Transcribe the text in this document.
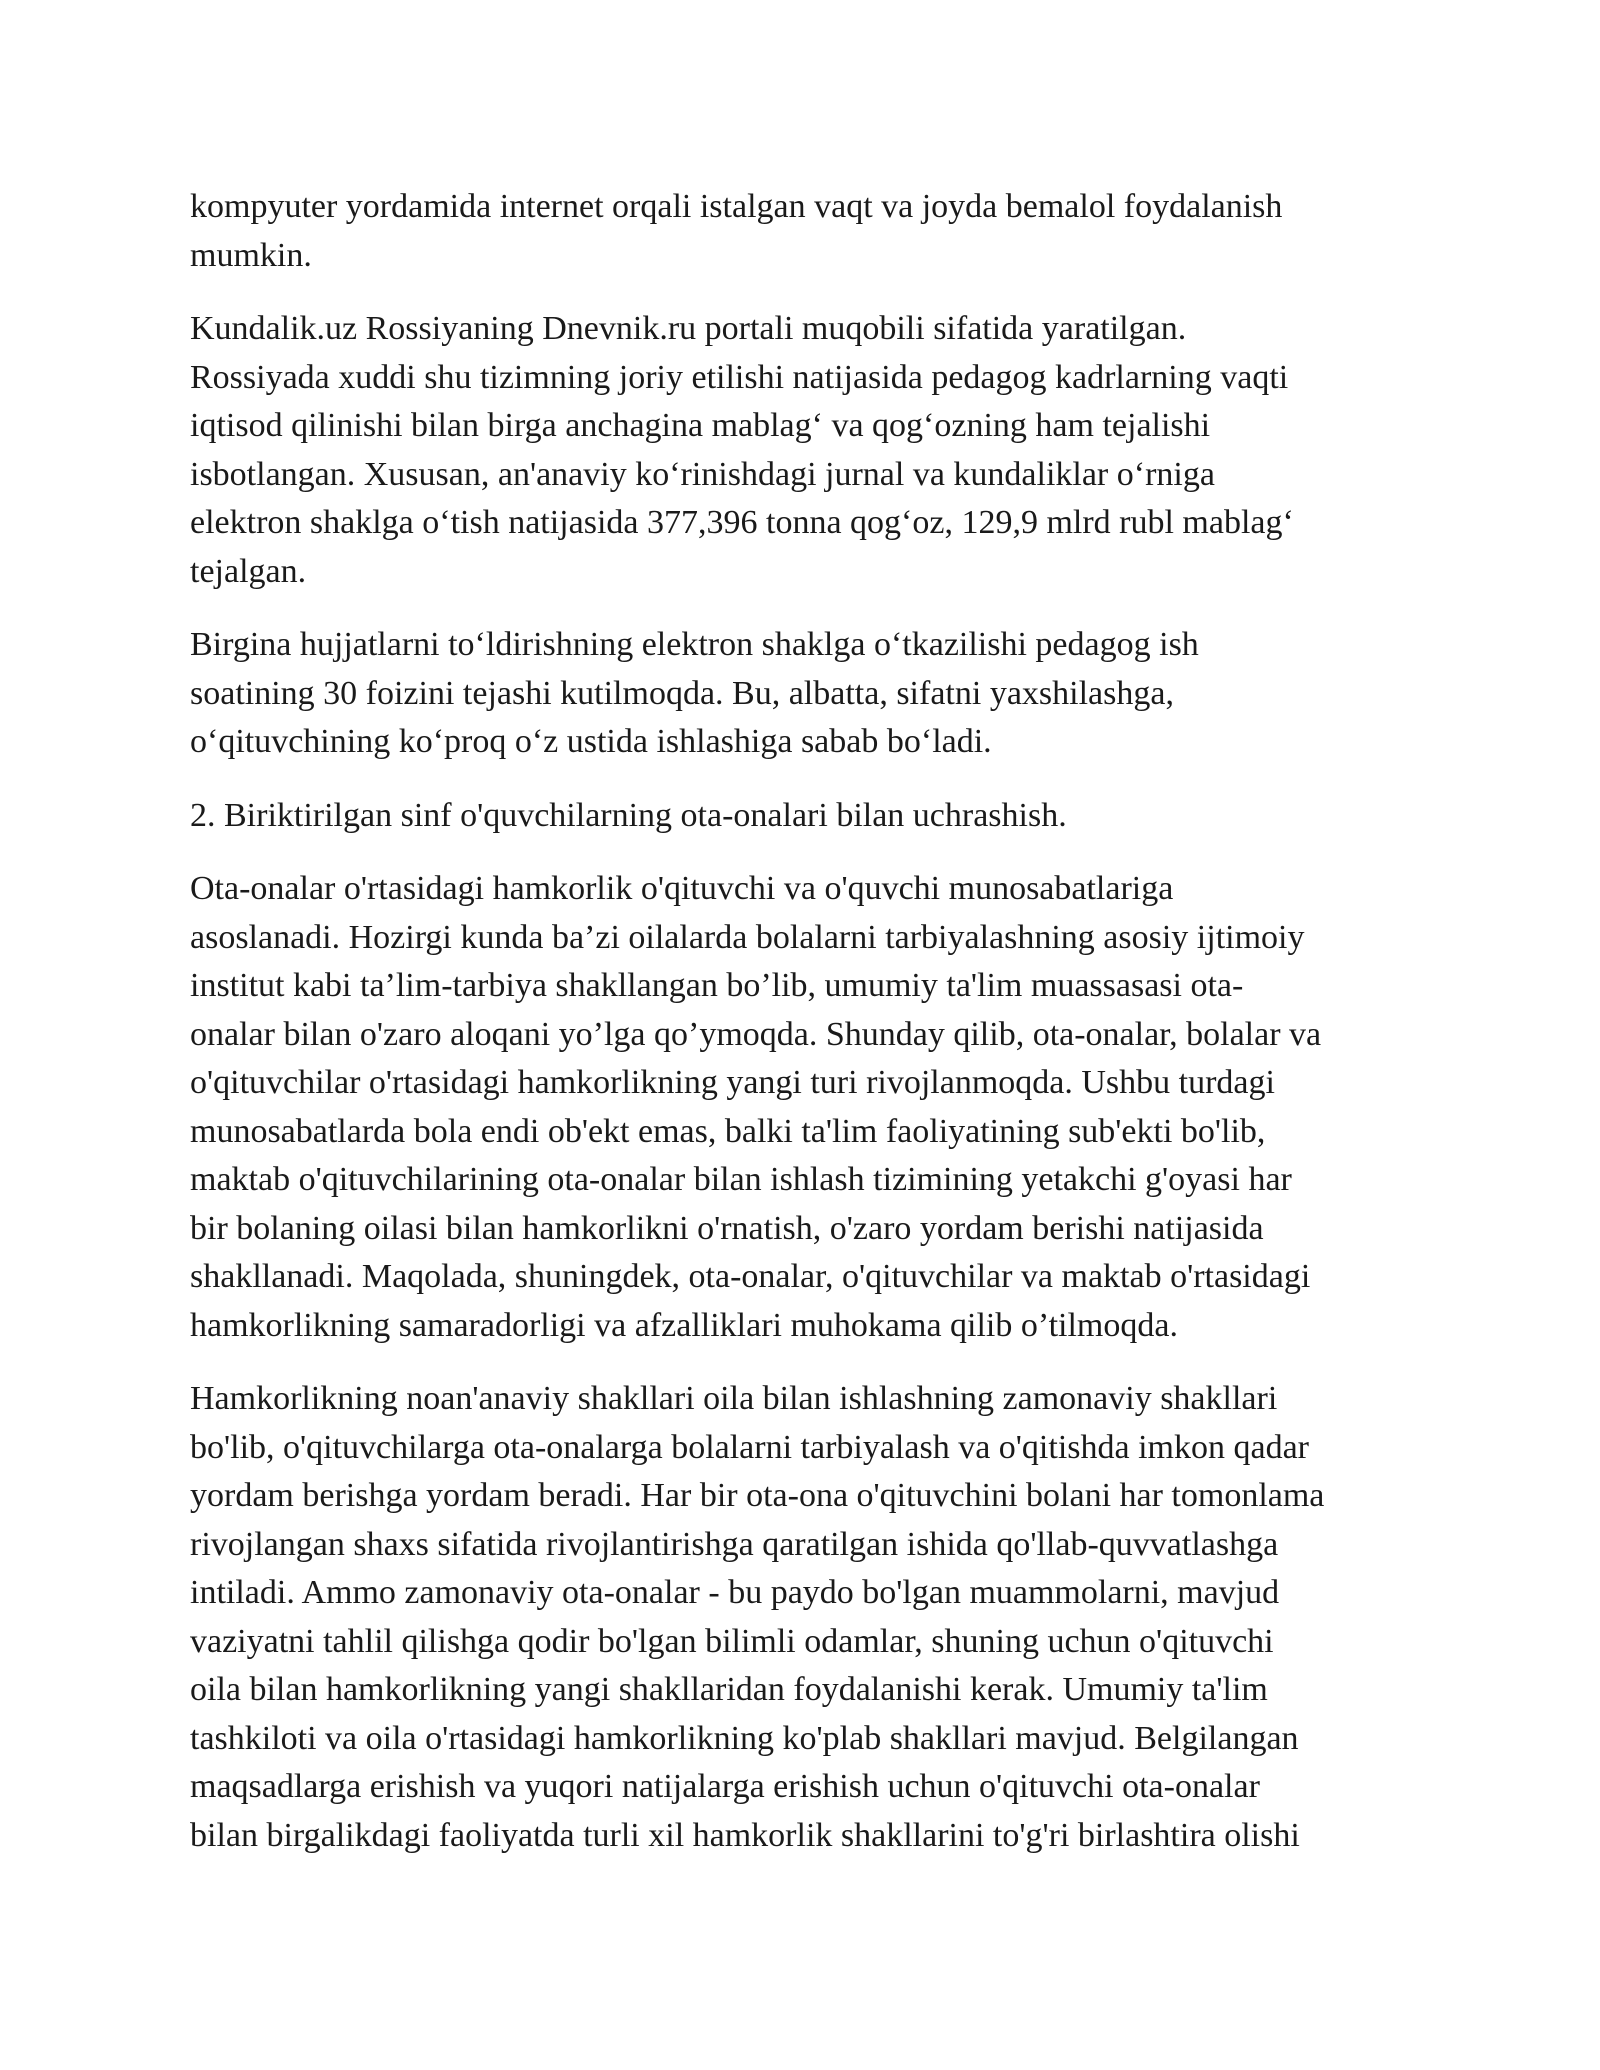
kompyuter yordamida internet orqali istalgan vaqt va joyda bemalol foydalanish
mumkin.

Kundalik.uz Rossiyaning Dnevnik.ru portali muqobili sifatida yaratilgan.
Rossiyada xuddi shu tizimning joriy etilishi natijasida pedagog kadrlarning vaqti
iqtisod qilinishi bilan birga anchagina mablag‘ va qog‘ozning ham tejalishi
isbotlangan. Xususan, an'anaviy ko‘rinishdagi jurnal va kundaliklar o‘rniga
elektron shaklga o‘tish natijasida 377,396 tonna qog‘oz, 129,9 mlrd rubl mablag‘
tejalgan.

Birgina hujjatlarni to‘ldirishning elektron shaklga o‘tkazilishi pedagog ish
soatining 30 foizini tejashi kutilmoqda. Bu, albatta, sifatni yaxshilashga,
o‘qituvchining ko‘proq o‘z ustida ishlashiga sabab bo‘ladi.

2. Biriktirilgan sinf o'quvchilarning ota-onalari bilan uchrashish.

Ota-onalar o'rtasidagi hamkorlik o'qituvchi va o'quvchi munosabatlariga
asoslanadi. Hozirgi kunda ba’zi oilalarda bolalarni tarbiyalashning asosiy ijtimoiy
institut kabi ta’lim-tarbiya shakllangan bo’lib, umumiy ta'lim muassasasi ota-
onalar bilan o'zaro aloqani yo’lga qo’ymoqda. Shunday qilib, ota-onalar, bolalar va
o'qituvchilar o'rtasidagi hamkorlikning yangi turi rivojlanmoqda. Ushbu turdagi
munosabatlarda bola endi ob'ekt emas, balki ta'lim faoliyatining sub'ekti bo'lib,
maktab o'qituvchilarining ota-onalar bilan ishlash tizimining yetakchi g'oyasi har
bir bolaning oilasi bilan hamkorlikni o'rnatish, o'zaro yordam berishi natijasida
shakllanadi. Maqolada, shuningdek, ota-onalar, o'qituvchilar va maktab o'rtasidagi
hamkorlikning samaradorligi va afzalliklari muhokama qilib o’tilmoqda.

Hamkorlikning noan'anaviy shakllari oila bilan ishlashning zamonaviy shakllari
bo'lib, o'qituvchilarga ota-onalarga bolalarni tarbiyalash va o'qitishda imkon qadar
yordam berishga yordam beradi. Har bir ota-ona o'qituvchini bolani har tomonlama
rivojlangan shaxs sifatida rivojlantirishga qaratilgan ishida qo'llab-quvvatlashga
intiladi. Ammo zamonaviy ota-onalar - bu paydo bo'lgan muammolarni, mavjud
vaziyatni tahlil qilishga qodir bo'lgan bilimli odamlar, shuning uchun o'qituvchi
oila bilan hamkorlikning yangi shakllaridan foydalanishi kerak. Umumiy ta'lim
tashkiloti va oila o'rtasidagi hamkorlikning ko'plab shakllari mavjud. Belgilangan
maqsadlarga erishish va yuqori natijalarga erishish uchun o'qituvchi ota-onalar
bilan birgalikdagi faoliyatda turli xil hamkorlik shakllarini to'g'ri birlashtira olishi
